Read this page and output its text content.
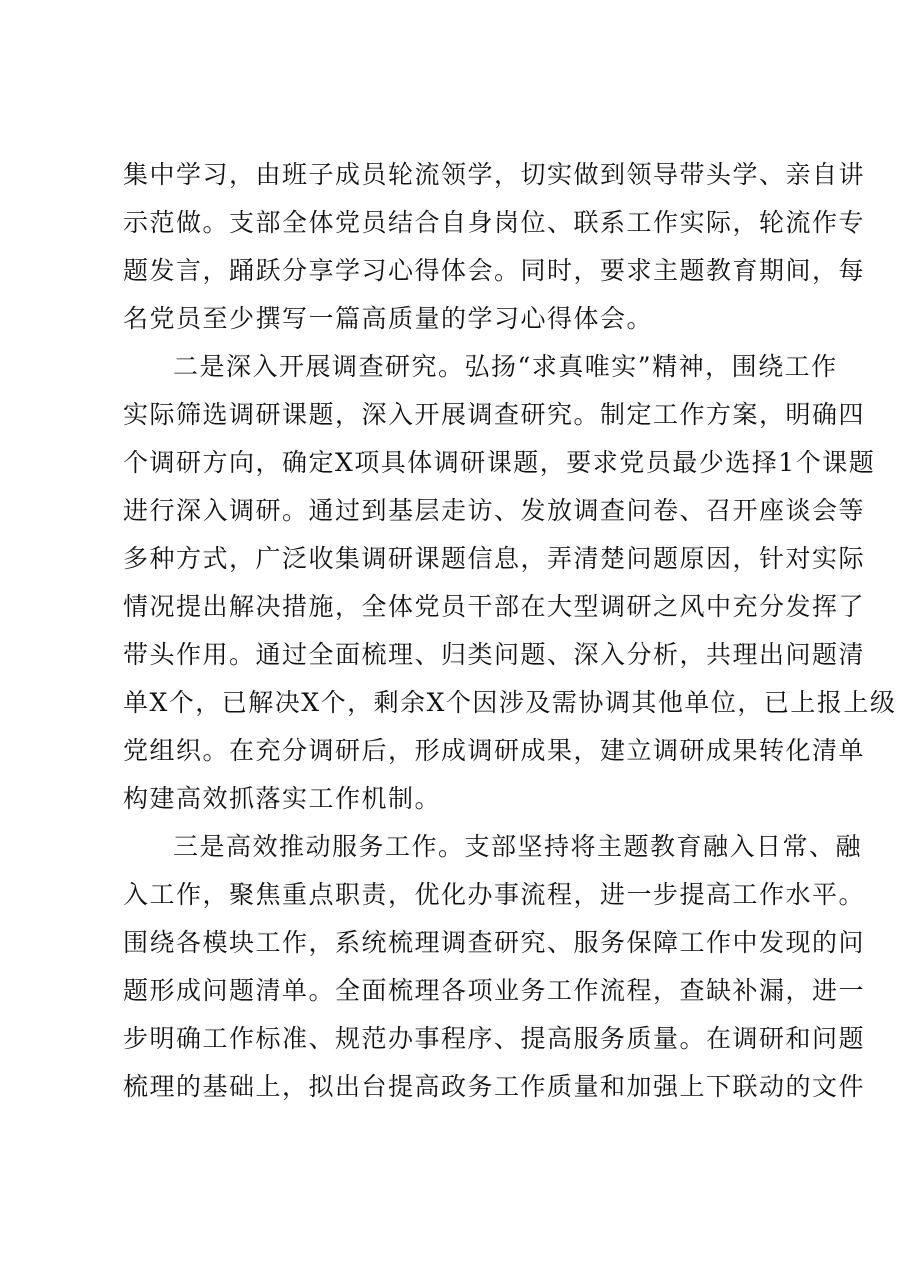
集中学习，由班子成员轮流领学，切实做到领导带头学、亲自讲
示范做。支部全体党员结合自身岗位、联系工作实际，轮流作专
题发言，踊跃分享学习心得体会。同时，要求主题教育期间，每
名党员至少撰写一篇高质量的学习心得体会。
二是深入开展调查研究。弘扬“求真唯实”精神，围绕工作
实际筛选调研课题，深入开展调查研究。制定工作方案，明确四
个调研方向，确定X项具体调研课题，要求党员最少选择1个课题
进行深入调研。通过到基层走访、发放调查问卷、召开座谈会等
多种方式，广泛收集调研课题信息，弄清楚问题原因，针对实际
情况提出解决措施，全体党员干部在大型调研之风中充分发挥了
带头作用。通过全面梳理、归类问题、深入分析，共理出问题清
单X个，已解决X个，剩余X个因涉及需协调其他单位，已上报上级
党组织。在充分调研后，形成调研成果，建立调研成果转化清单
构建高效抓落实工作机制。
三是高效推动服务工作。支部坚持将主题教育融入日常、融
入工作，聚焦重点职责，优化办事流程，进一步提高工作水平。
围绕各模块工作，系统梳理调查研究、服务保障工作中发现的问
题形成问题清单。全面梳理各项业务工作流程，查缺补漏，进一
步明确工作标准、规范办事程序、提高服务质量。在调研和问题
梳理的基础上，拟出台提高政务工作质量和加强上下联动的文件
